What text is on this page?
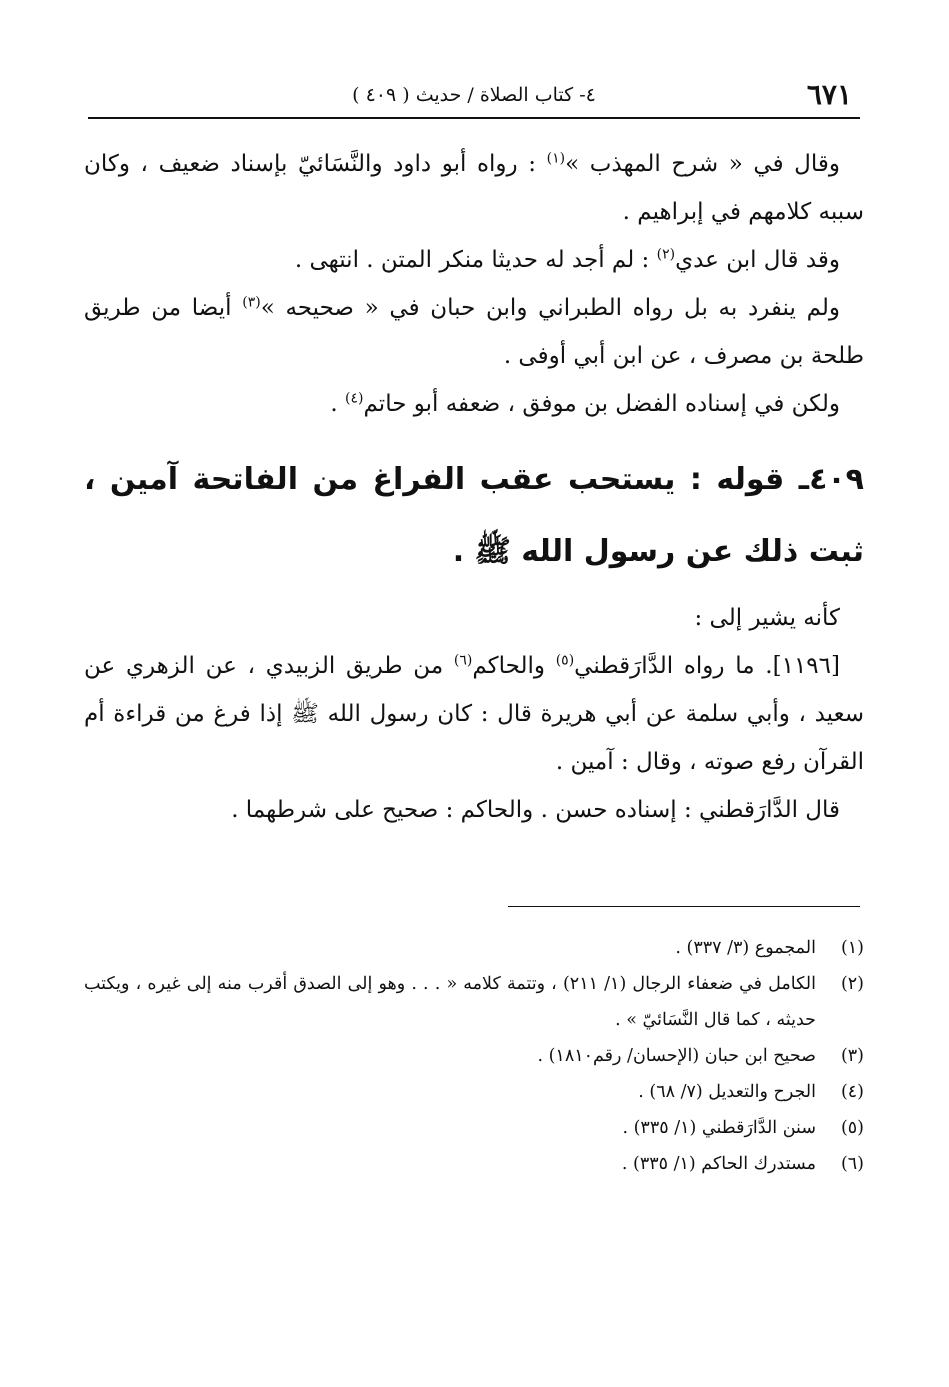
٦٧١
٤- كتاب الصلاة / حديث ( ٤٠٩ )

وقال في « شرح المهذب »$^{(١)}$ : رواه أبو داود والنَّسَائيّ بإسناد ضعيف ، وكان سببه كلامهم في إبراهيم .

وقد قال ابن عدي$^{(٢)}$ : لم أجد له حديثا منكر المتن . انتهى .

ولم ينفرد به بل رواه الطبراني وابن حبان في « صحيحه »$^{(٣)}$ أيضا من طريق طلحة بن مصرف ، عن ابن أبي أوفى .

ولكن في إسناده الفضل بن موفق ، ضعفه أبو حاتم$^{(٤)}$ .

٤٠٩ـ قوله : يستحب عقب الفراغ من الفاتحة آمين ، ثبت ذلك عن رسول الله ﷺ .

كأنه يشير إلى :

[١١٩٦]. ما رواه الدَّارَقطني$^{(٥)}$ والحاكم$^{(٦)}$ من طريق الزبيدي ، عن الزهري عن سعيد ، وأبي سلمة عن أبي هريرة قال : كان رسول الله ﷺ إذا فرغ من قراءة أم القرآن رفع صوته ، وقال : آمين .

قال الدَّارَقطني : إسناده حسن . والحاكم : صحيح على شرطهما .

(١)
المجموع (٣/ ٣٣٧) .

(٢)
الكامل في ضعفاء الرجال (١/ ٢١١) ، وتتمة كلامه « . . . وهو إلى الصدق أقرب منه إلى غيره ، ويكتب حديثه ، كما قال النَّسَائيّ » .

(٣)
صحيح ابن حبان (الإحسان/ رقم١٨١٠) .

(٤)
الجرح والتعديل (٧/ ٦٨) .

(٥)
سنن الدَّارَقطني (١/ ٣٣٥) .

(٦)
مستدرك الحاكم (١/ ٣٣٥) .
